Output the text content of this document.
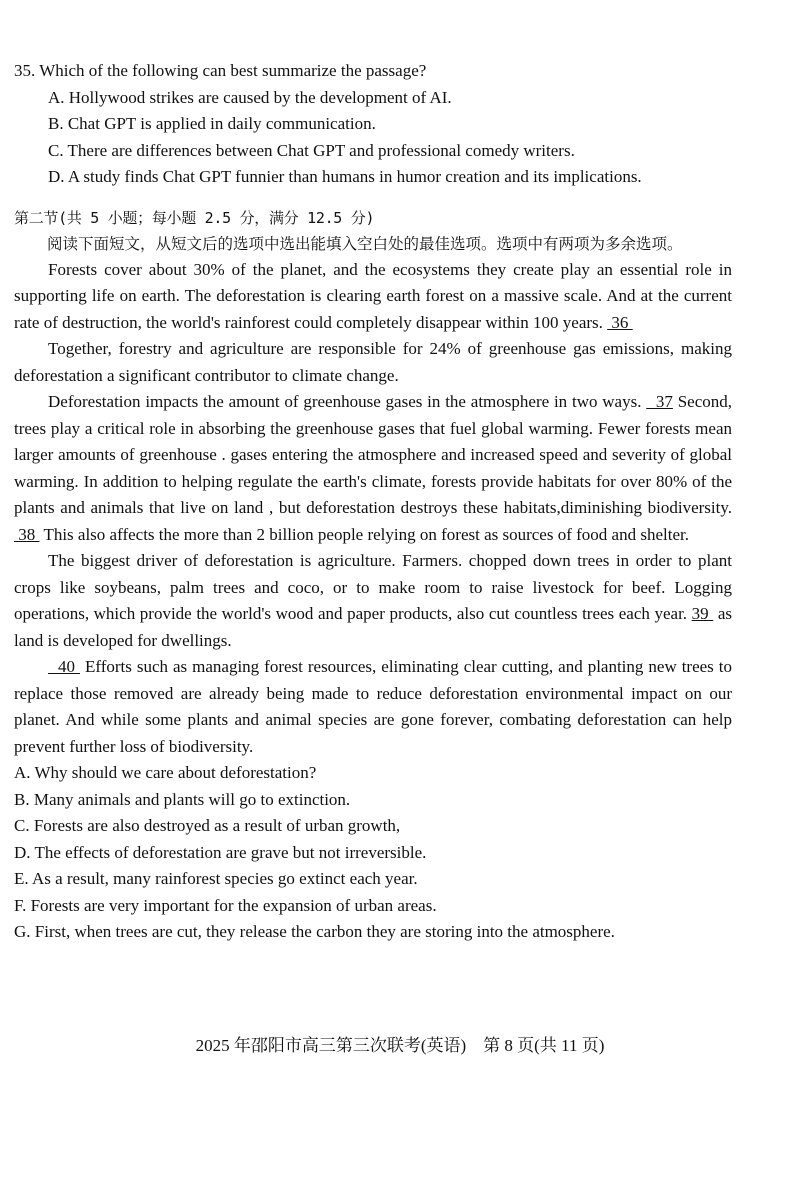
35. Which of the following can best summarize the passage?

A. Hollywood strikes are caused by the development of AI.

B. Chat GPT is applied in daily communication.

C. There are differences between Chat GPT and professional comedy writers.

D. A study finds Chat GPT funnier than humans in humor creation and its implications.

第二节(共 5 小题；每小题 2.5 分，满分 12.5 分)

阅读下面短文，从短文后的选项中选出能填入空白处的最佳选项。选项中有两项为多余选项。

Forests cover about 30% of the planet, and the ecosystems they create play an essential role in supporting life on earth. The deforestation is clearing earth forest on a massive scale. And at the current rate of destruction, the world's rainforest could completely disappear within 100 years.  36

Together, forestry and agriculture are responsible for 24% of greenhouse gas emissions, making deforestation a significant contributor to climate change.

Deforestation impacts the amount of greenhouse gases in the atmosphere in two ways.   37 Second, trees play a critical role in absorbing the greenhouse gases that fuel global warming. Fewer forests mean larger amounts of greenhouse . gases entering the atmosphere and increased speed and severity of global warming. In addition to helping regulate the earth's climate, forests provide habitats for over 80% of the plants and animals that live on land , but deforestation destroys these habitats,diminishing biodiversity.  38  This also affects the more than 2 billion people relying on forest as sources of food and shelter.

The biggest driver of deforestation is agriculture. Farmers. chopped down trees in order to plant crops like soybeans, palm trees and coco, or to make room to raise livestock for beef. Logging operations, which provide the world's wood and paper products, also cut countless trees each year. 39  as land is developed for dwellings.

40  Efforts such as managing forest resources, eliminating clear cutting, and planting new trees to replace those removed are already being made to reduce deforestation environmental impact on our planet. And while some plants and animal species are gone forever, combating deforestation can help prevent further loss of biodiversity.

A. Why should we care about deforestation?

B. Many animals and plants will go to extinction.

C. Forests are also destroyed as a result of urban growth,

D. The effects of deforestation are grave but not irreversible.

E. As a result, many rainforest species go extinct each year.

F. Forests are very important for the expansion of urban areas.

G. First, when trees are cut, they release the carbon they are storing into the atmosphere.

2025 年邵阳市高三第三次联考(英语)　第 8 页(共 11 页)
